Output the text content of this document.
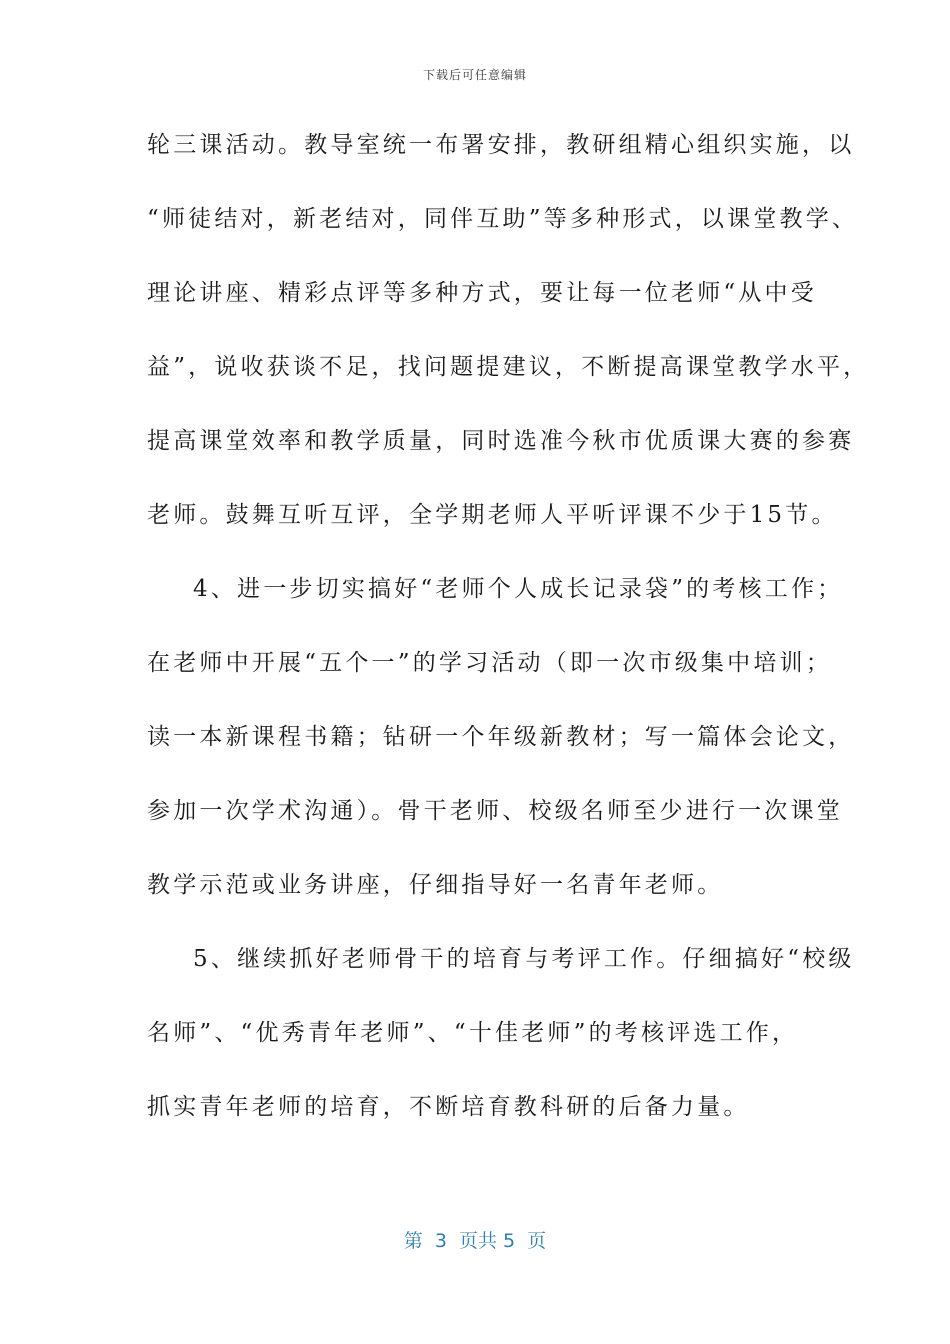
下载后可任意编辑
轮三课活动。教导室统一布署安排，教研组精心组织实施，以
“师徒结对，新老结对，同伴互助”等多种形式，以课堂教学、
理论讲座、精彩点评等多种方式，要让每一位老师“从中受
益”，说收获谈不足，找问题提建议，不断提高课堂教学水平，
提高课堂效率和教学质量，同时选准今秋市优质课大赛的参赛
老师。鼓舞互听互评，全学期老师人平听评课不少于15节。
4、进一步切实搞好“老师个人成长记录袋”的考核工作；
在老师中开展“五个一”的学习活动（即一次市级集中培训；
读一本新课程书籍；钻研一个年级新教材；写一篇体会论文，
参加一次学术沟通）。骨干老师、校级名师至少进行一次课堂
教学示范或业务讲座，仔细指导好一名青年老师。
5、继续抓好老师骨干的培育与考评工作。仔细搞好“校级
名师”、“优秀青年老师”、“十佳老师”的考核评选工作，
抓实青年老师的培育，不断培育教科研的后备力量。
第  3  页共 5  页
